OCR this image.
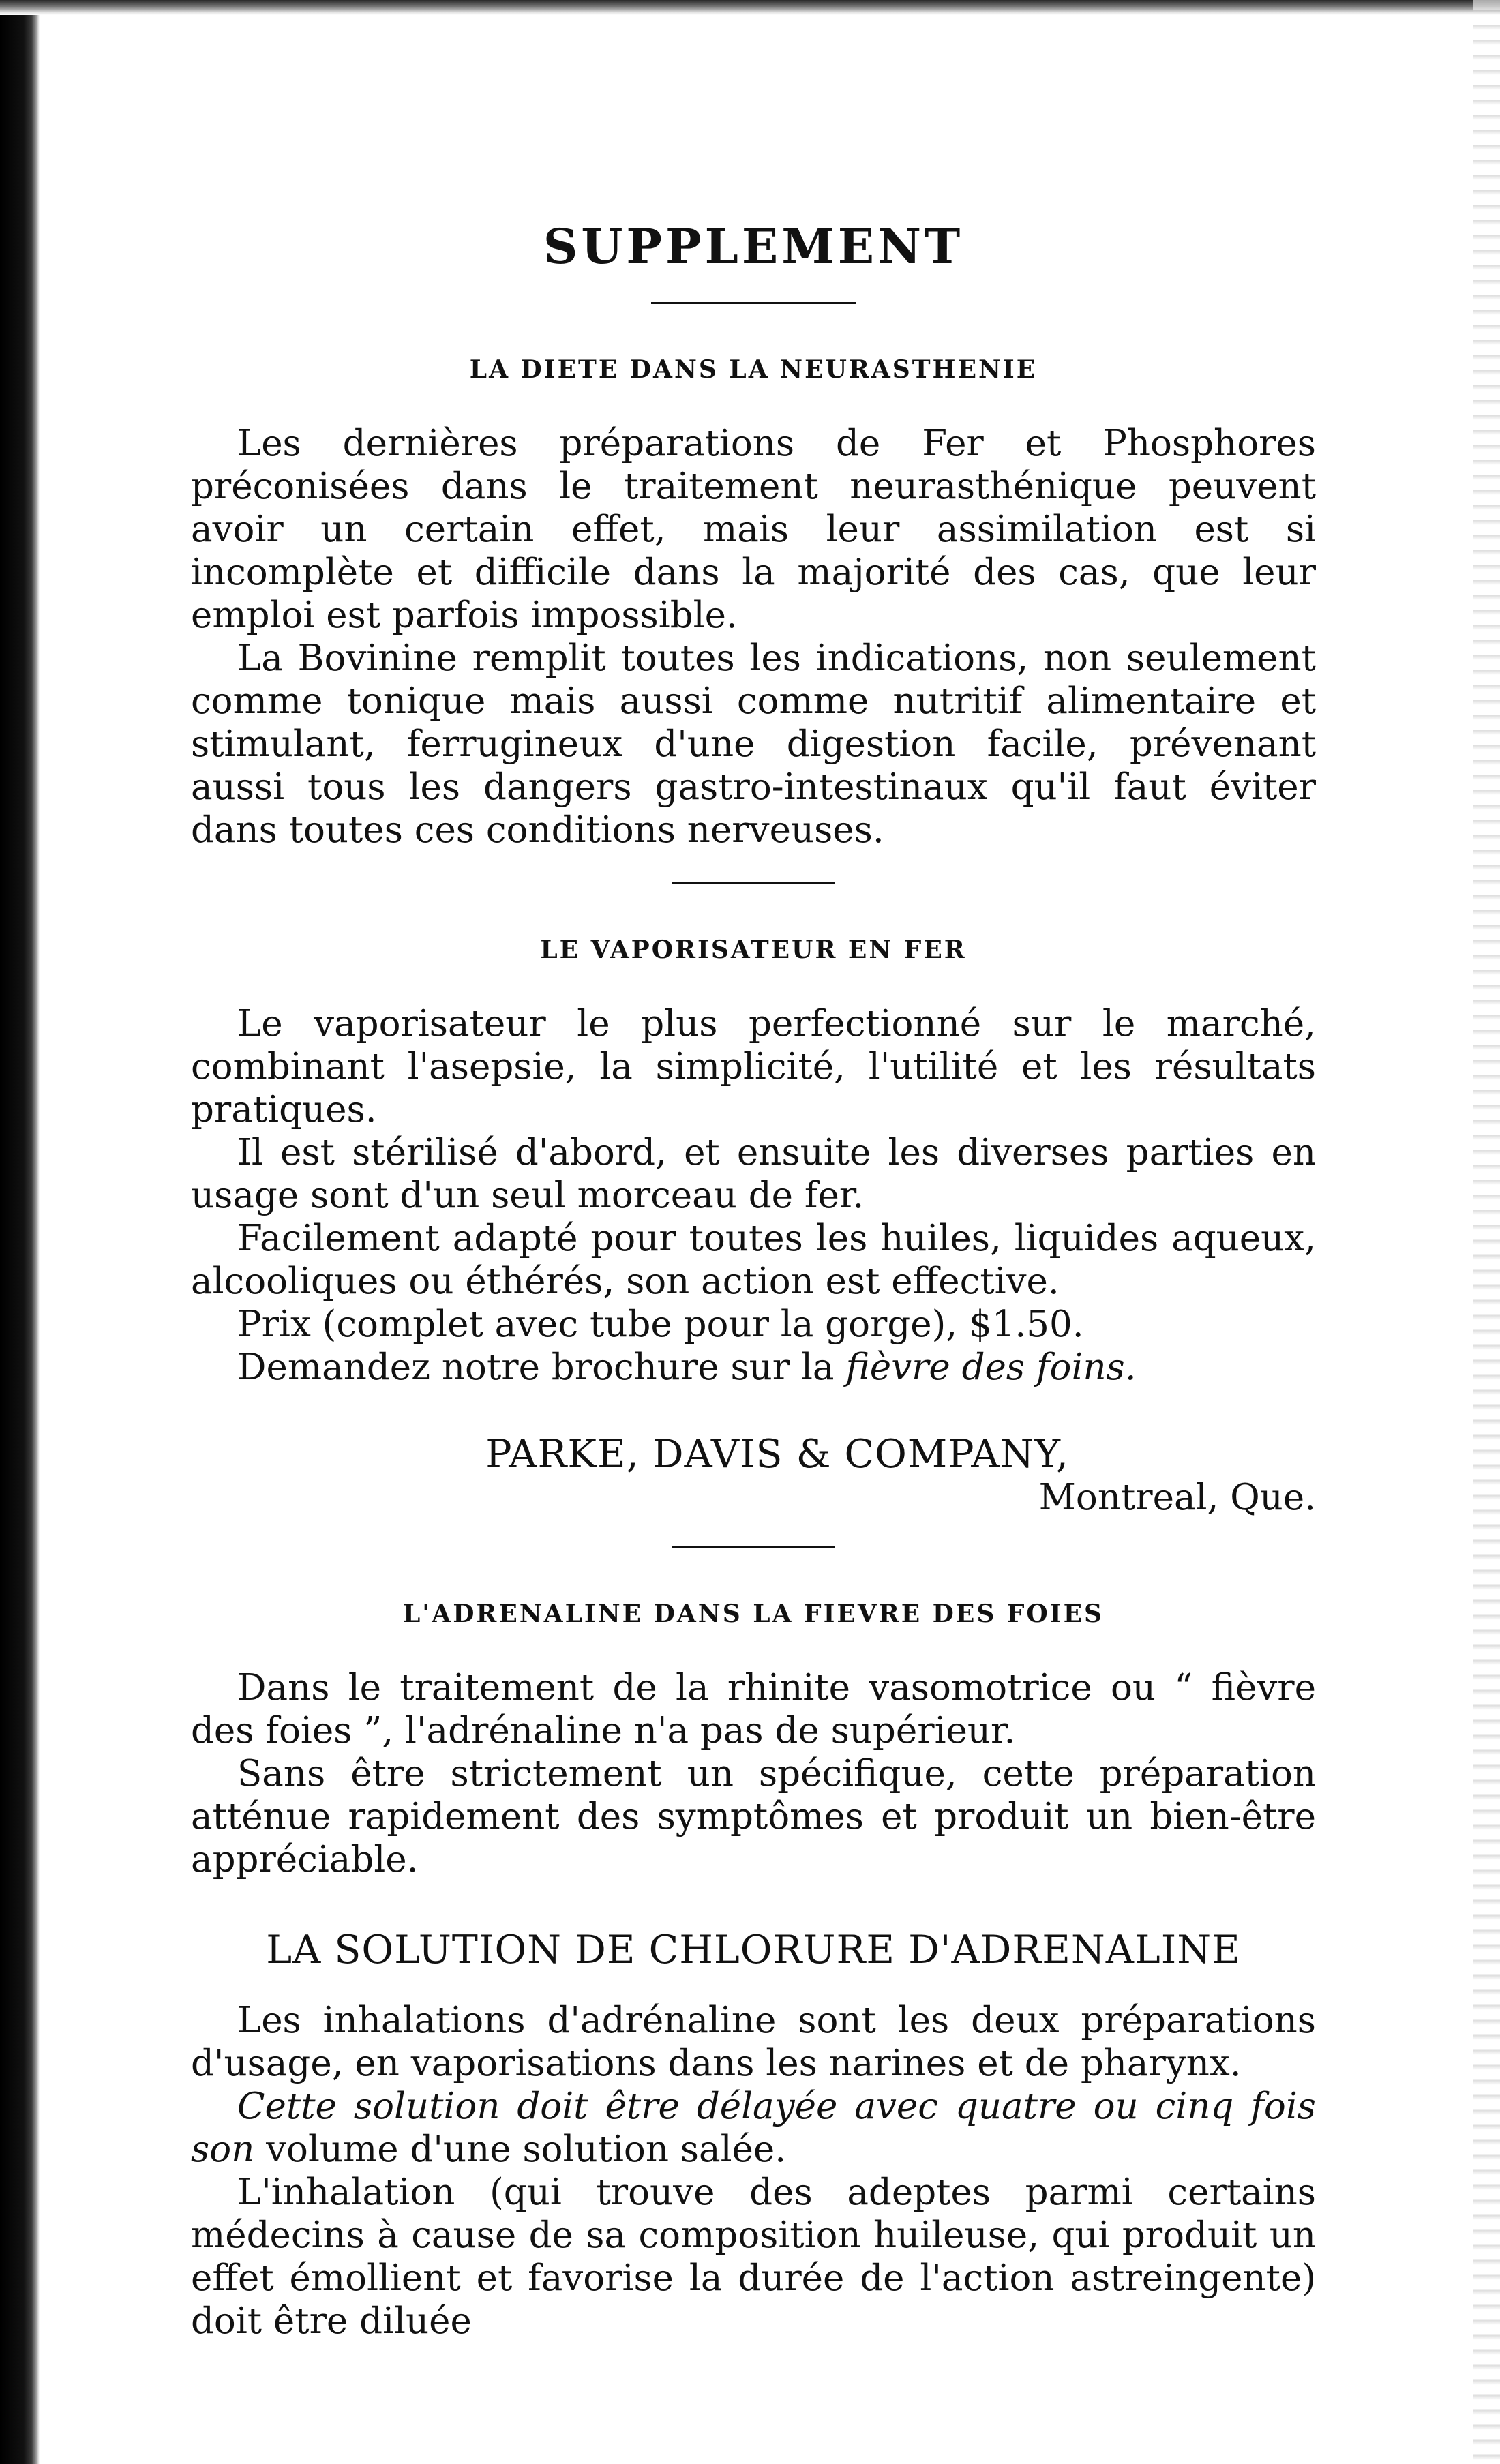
SUPPLEMENT
LA DIETE DANS LA NEURASTHENIE

Les dernières préparations de Fer et Phosphores préconisées dans le traitement neurasthénique peuvent avoir un certain effet, mais leur assimilation est si incomplète et difficile dans la majorité des cas, que leur emploi est parfois impossible.

La Bovinine remplit toutes les indications, non seulement comme tonique mais aussi comme nutritif alimentaire et stimulant, ferrugineux d'une digestion facile, prévenant aussi tous les dangers gastro-intestinaux qu'il faut éviter dans toutes ces conditions nerveuses.

LE VAPORISATEUR EN FER

Le vaporisateur le plus perfectionné sur le marché, combinant l'asepsie, la simplicité, l'utilité et les résultats pratiques.

Il est stérilisé d'abord, et ensuite les diverses parties en usage sont d'un seul morceau de fer.

Facilement adapté pour toutes les huiles, liquides aqueux, alcooliques ou éthérés, son action est effective.

Prix (complet avec tube pour la gorge), $1.50.

Demandez notre brochure sur la fièvre des foins.

PARKE, DAVIS & COMPANY,
Montreal, Que.
L'ADRENALINE DANS LA FIEVRE DES FOIES

Dans le traitement de la rhinite vasomotrice ou “ fièvre des foies ”, l'adrénaline n'a pas de supérieur.

Sans être strictement un spécifique, cette préparation atténue rapidement des symptômes et produit un bien-être appréciable.

LA SOLUTION DE CHLORURE D'ADRENALINE

Les inhalations d'adrénaline sont les deux préparations d'usage, en vaporisations dans les narines et de pharynx.

Cette solution doit être délayée avec quatre ou cinq fois son volume d'une solution salée.

L'inhalation (qui trouve des adeptes parmi certains médecins à cause de sa composition huileuse, qui produit un effet émollient et favorise la durée de l'action astreingente) doit être diluée
